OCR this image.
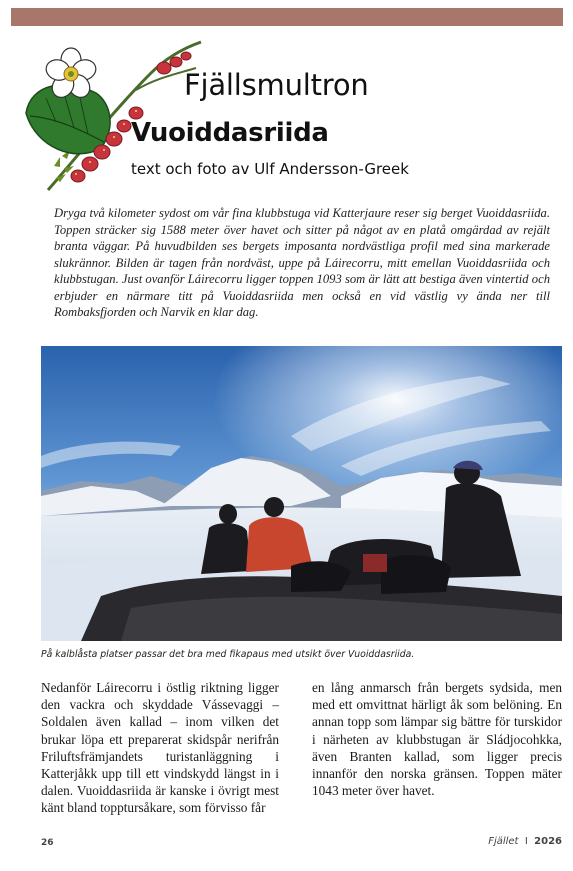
Fjällsmultron
Vuoiddasriida
text och foto av Ulf Andersson-Greek

Dryga två kilometer sydost om vår fina klubbstuga vid Katterjaure reser sig berget Vuoiddasriida. Toppen sträcker sig 1588 meter över havet och sitter på något av en platå omgärdad av rejält branta väggar. På huvudbilden ses bergets imposanta nordvästliga profil med sina markerade slukrännor. Bilden är tagen från nordväst, uppe på Láirecorru, mitt emellan Vuoiddasriida och klubbstugan. Just ovanför Láirecorru ligger toppen 1093 som är lätt att bestiga även vintertid och erbjuder en närmare titt på Vuoiddasriida men också en vid västlig vy ända ner till Rombaksfjorden och Narvik en klar dag.

På kalblåsta platser passar det bra med fikapaus med utsikt över Vuoiddasriida.

Nedanför Láirecorru i östlig riktning ligger den vackra och skyddade Vássevaggi – Soldalen även kallad – inom vilken det brukar löpa ett preparerat skidspår nerifrån Friluftsfrämjandets turistanläggning i Katterjåkk upp till ett vindskydd längst in i dalen. Vuoiddasriida är kanske i övrigt mest känt bland topptursåkare, som förvisso får

en lång anmarsch från bergets sydsida, men med ett omvittnat härligt åk som belöning. En annan topp som lämpar sig bättre för turskidor i närheten av klubbstugan är Sládjocohkka, även Branten kallad, som ligger precis innanför den norska gränsen. Toppen mäter 1043 meter över havet.

26	Fjället I 2026
